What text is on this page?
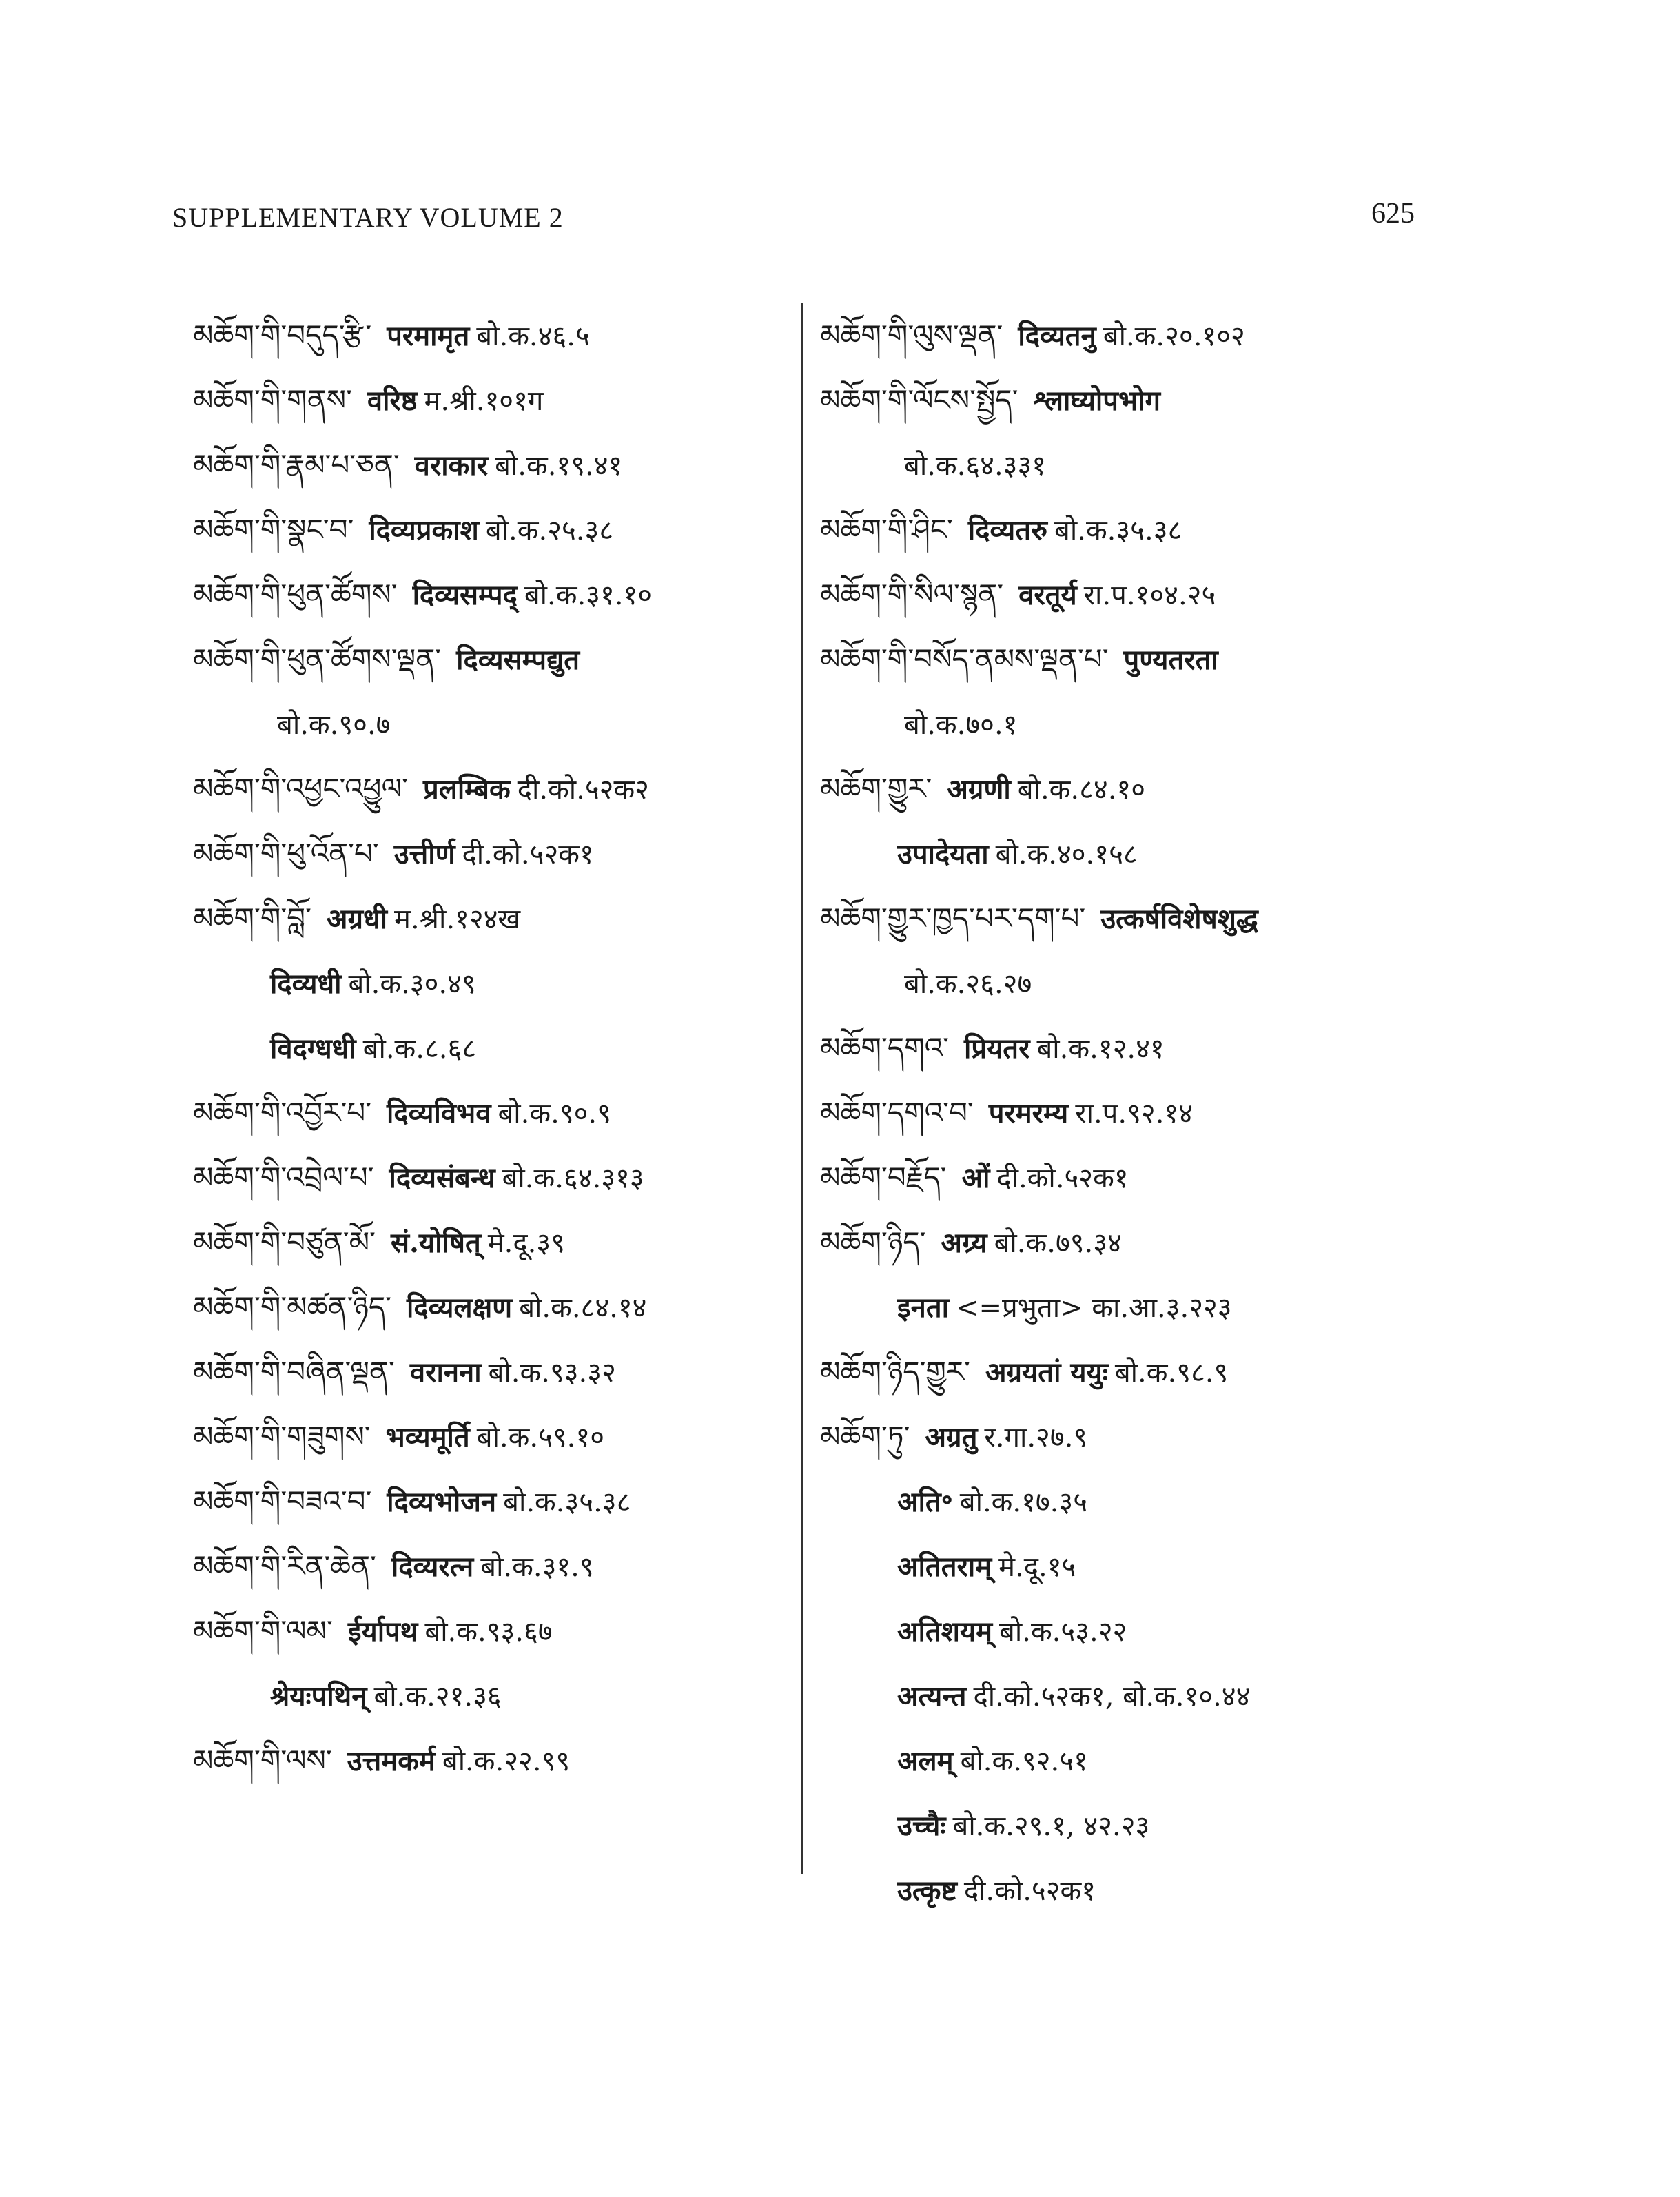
SUPPLEMENTARY VOLUME 2	625
མཆོག་གི་བདུད་རྩི་ परमामृत बो.क.४६.५
མཆོག་གི་གནས་ वरिष्ठ म.श्री.१०१ग
མཆོག་གི་རྣམ་པ་ཅན་ वराकार बो.क.१९.४१
མཆོག་གི་སྣང་བ་ दिव्यप्रकाश बो.क.२५.३८
མཆོག་གི་ཕུན་ཚོགས་ दिव्यसम्पद् बो.क.३१.१०
མཆོག་གི་ཕུན་ཚོགས་ལྡན་ दिव्यसम्पद्युत
बो.क.९०.७
མཆོག་གི་འཕྱང་འཕྱུལ་ प्रलम्बिक दी.को.५२क२
མཆོག་གི་ཕུ་འོན་པ་ उत्तीर्ण दी.को.५२क१
མཆོག་གི་བློ་ अग्रधी म.श्री.१२४ख
दिव्यधी बो.क.३०.४९
विदग्धधी बो.क.८.६८
མཆོག་གི་འབྱོར་པ་ दिव्यविभव बो.क.९०.९
མཆོག་གི་འབྲེལ་པ་ दिव्यसंबन्ध बो.क.६४.३१३
མཆོག་གི་བཙུན་མོ་ सं.योषित् मे.दू.३९
མཆོག་གི་མཚན་ཉིད་ दिव्यलक्षण बो.क.८४.१४
མཆོག་གི་བཞིན་ལྡན་ वरानना बो.क.९३.३२
མཆོག་གི་གཟུགས་ भव्यमूर्ति बो.क.५९.१०
མཆོག་གི་བཟའ་བ་ दिव्यभोजन बो.क.३५.३८
མཆོག་གི་རིན་ཆེན་ दिव्यरत्न बो.क.३१.९
མཆོག་གི་ལམ་ ईर्यापथ बो.क.९३.६७
श्रेयःपथिन् बो.क.२१.३६
མཆོག་གི་ལས་ उत्तमकर्म बो.क.२२.९९
མཆོག་གི་ལུས་ལྡན་ दिव्यतनु बो.क.२०.१०२
མཆོག་གི་ལོངས་སྤྱོད་ श्लाघ्योपभोग
बो.क.६४.३३१
མཆོག་གི་ཤིང་ दिव्यतरु बो.क.३५.३८
མཆོག་གི་སིལ་སྙན་ वरतूर्य रा.प.१०४.२५
མཆོག་གི་བསོད་ནམས་ལྡན་པ་ पुण्यतरता
बो.क.७०.१
མཆོག་གྱུར་ अग्रणी बो.क.८४.१०
उपादेयता बो.क.४०.१५८
མཆོག་གྱུར་ཁྱད་པར་དག་པ་ उत्कर्षविशेषशुद्ध
बो.क.२६.२७
མཆོག་དགའ་ प्रियतर बो.क.१२.४१
མཆོག་དགའ་བ་ परमरम्य रा.प.९२.१४
མཆོག་བརྗོད་ ओं दी.को.५२क१
མཆོག་ཉིད་ अग्र्य बो.क.७९.३४
इनता <=प्रभुता> का.आ.३.२२३
མཆོག་ཉིད་གྱུར་ अग्रयतां ययुः बो.क.९८.९
མཆོག་ཏུ་ अग्रतु र.गा.२७.९
अति॰ बो.क.१७.३५
अतितराम् मे.दू.१५
अतिशयम् बो.क.५३.२२
अत्यन्त दी.को.५२क१, बो.क.१०.४४
अलम् बो.क.९२.५१
उच्चैः बो.क.२९.१, ४२.२३
उत्कृष्ट दी.को.५२क१
